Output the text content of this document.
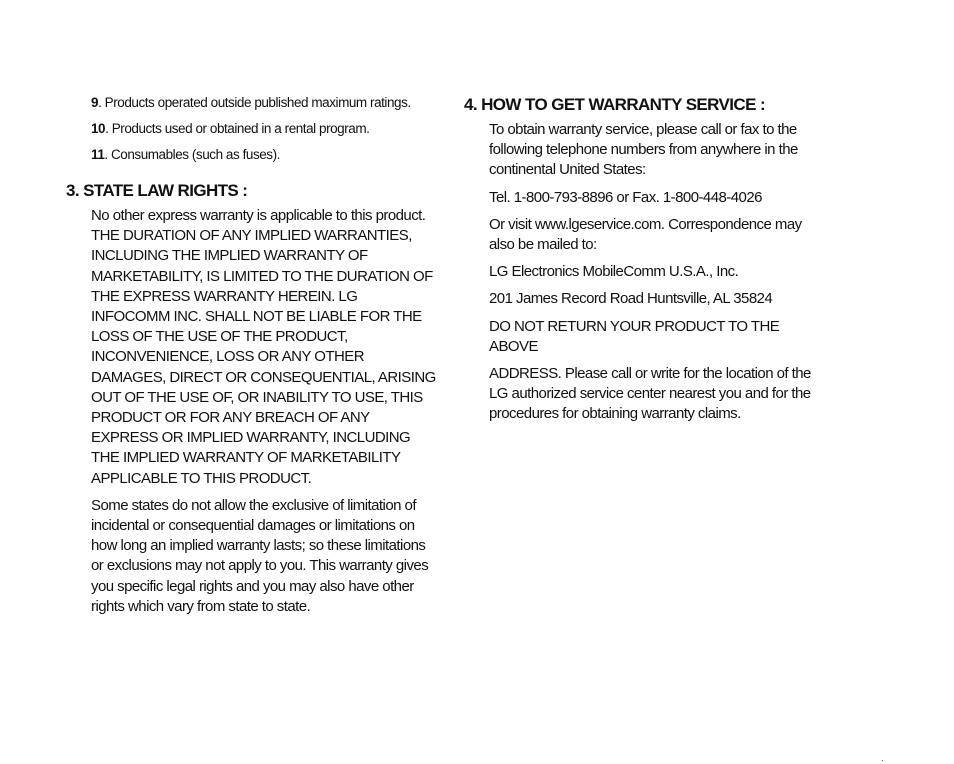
9. Products operated outside published maximum ratings.
10. Products used or obtained in a rental program.
11. Consumables (such as fuses).
3. STATE LAW RIGHTS :

No other express warranty is applicable to this product. THE DURATION OF ANY IMPLIED WARRANTIES, INCLUDING THE IMPLIED WARRANTY OF MARKETABILITY, IS LIMITED TO THE DURATION OF THE EXPRESS WARRANTY HEREIN. LG INFOCOMM INC. SHALL NOT BE LIABLE FOR THE LOSS OF THE USE OF THE PRODUCT, INCONVENIENCE, LOSS OR ANY OTHER DAMAGES, DIRECT OR CONSEQUENTIAL, ARISING OUT OF THE USE OF, OR INABILITY TO USE, THIS PRODUCT OR FOR ANY BREACH OF ANY EXPRESS OR IMPLIED WARRANTY, INCLUDING THE IMPLIED WARRANTY OF MARKETABILITY APPLICABLE TO THIS PRODUCT.

Some states do not allow the exclusive of limitation of incidental or consequential damages or limitations on how long an implied warranty lasts; so these limitations or exclusions may not apply to you. This warranty gives you specific legal rights and you may also have other rights which vary from state to state.

4. HOW TO GET WARRANTY SERVICE :

To obtain warranty service, please call or fax to the following telephone numbers from anywhere in the continental United States:

Tel. 1-800-793-8896 or Fax. 1-800-448-4026

Or visit www.lgeservice.com. Correspondence may also be mailed to:

LG Electronics MobileComm U.S.A., Inc.

201 James Record Road Huntsville, AL 35824

DO NOT RETURN YOUR PRODUCT TO THE ABOVE

ADDRESS. Please call or write for the location of the LG authorized service center nearest you and for the procedures for obtaining warranty claims.
